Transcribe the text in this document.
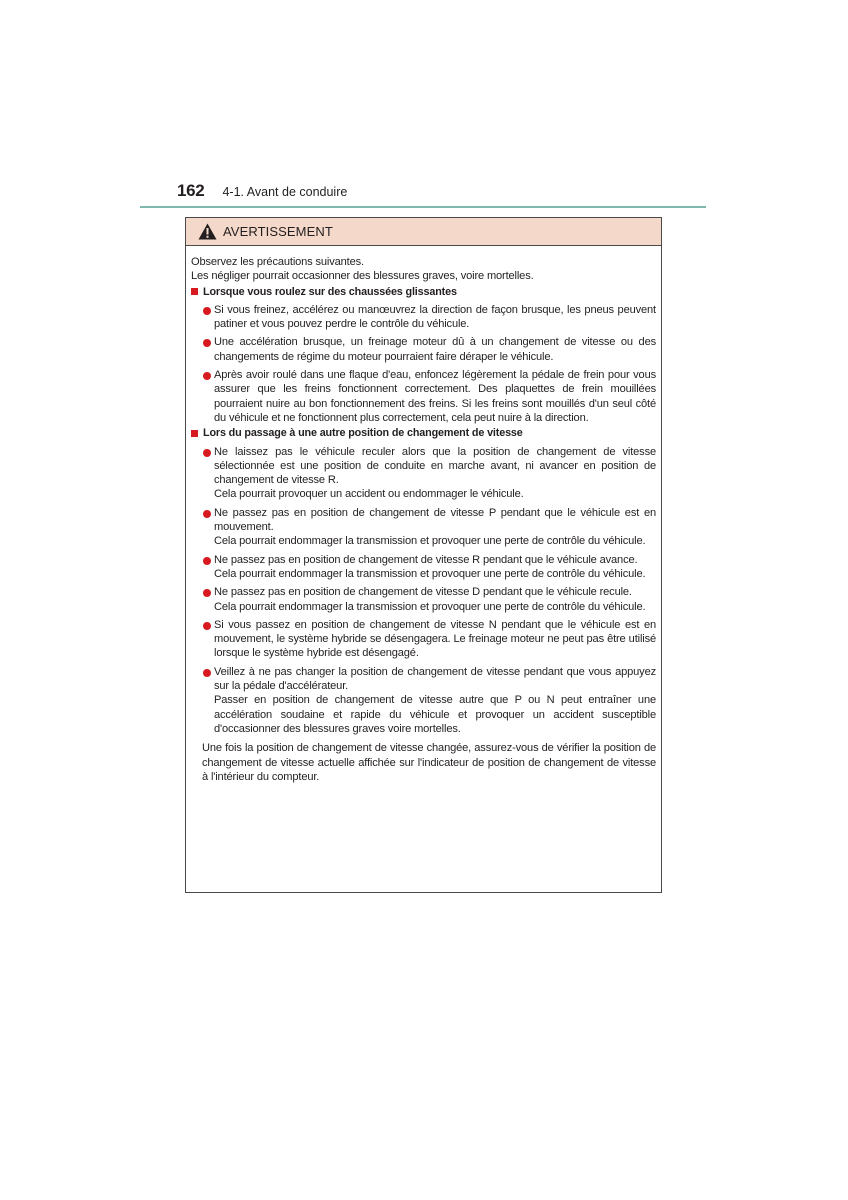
162 4-1. Avant de conduire
AVERTISSEMENT

Observez les précautions suivantes.

Les négliger pourrait occasionner des blessures graves, voire mortelles.

Lorsque vous roulez sur des chaussées glissantes

Si vous freinez, accélérez ou manœuvrez la direction de façon brusque, les pneus peuvent patiner et vous pouvez perdre le contrôle du véhicule.

Une accélération brusque, un freinage moteur dû à un changement de vitesse ou des changements de régime du moteur pourraient faire déraper le véhicule.

Après avoir roulé dans une flaque d'eau, enfoncez légèrement la pédale de frein pour vous assurer que les freins fonctionnent correctement. Des plaquettes de frein mouillées pourraient nuire au bon fonctionnement des freins. Si les freins sont mouillés d'un seul côté du véhicule et ne fonctionnent plus correctement, cela peut nuire à la direction.

Lors du passage à une autre position de changement de vitesse

Ne laissez pas le véhicule reculer alors que la position de changement de vitesse sélectionnée est une position de conduite en marche avant, ni avancer en position de changement de vitesse R.

Cela pourrait provoquer un accident ou endommager le véhicule.

Ne passez pas en position de changement de vitesse P pendant que le véhicule est en mouvement.

Cela pourrait endommager la transmission et provoquer une perte de contrôle du véhicule.

Ne passez pas en position de changement de vitesse R pendant que le véhicule avance.

Cela pourrait endommager la transmission et provoquer une perte de contrôle du véhicule.

Ne passez pas en position de changement de vitesse D pendant que le véhicule recule.

Cela pourrait endommager la transmission et provoquer une perte de contrôle du véhicule.

Si vous passez en position de changement de vitesse N pendant que le véhicule est en mouvement, le système hybride se désengagera. Le freinage moteur ne peut pas être utilisé lorsque le système hybride est désengagé.

Veillez à ne pas changer la position de changement de vitesse pendant que vous appuyez sur la pédale d'accélérateur.

Passer en position de changement de vitesse autre que P ou N peut entraîner une accélération soudaine et rapide du véhicule et provoquer un accident susceptible d'occasionner des blessures graves voire mortelles.

Une fois la position de changement de vitesse changée, assurez-vous de vérifier la position de changement de vitesse actuelle affichée sur l'indicateur de position de changement de vitesse à l'intérieur du compteur.
